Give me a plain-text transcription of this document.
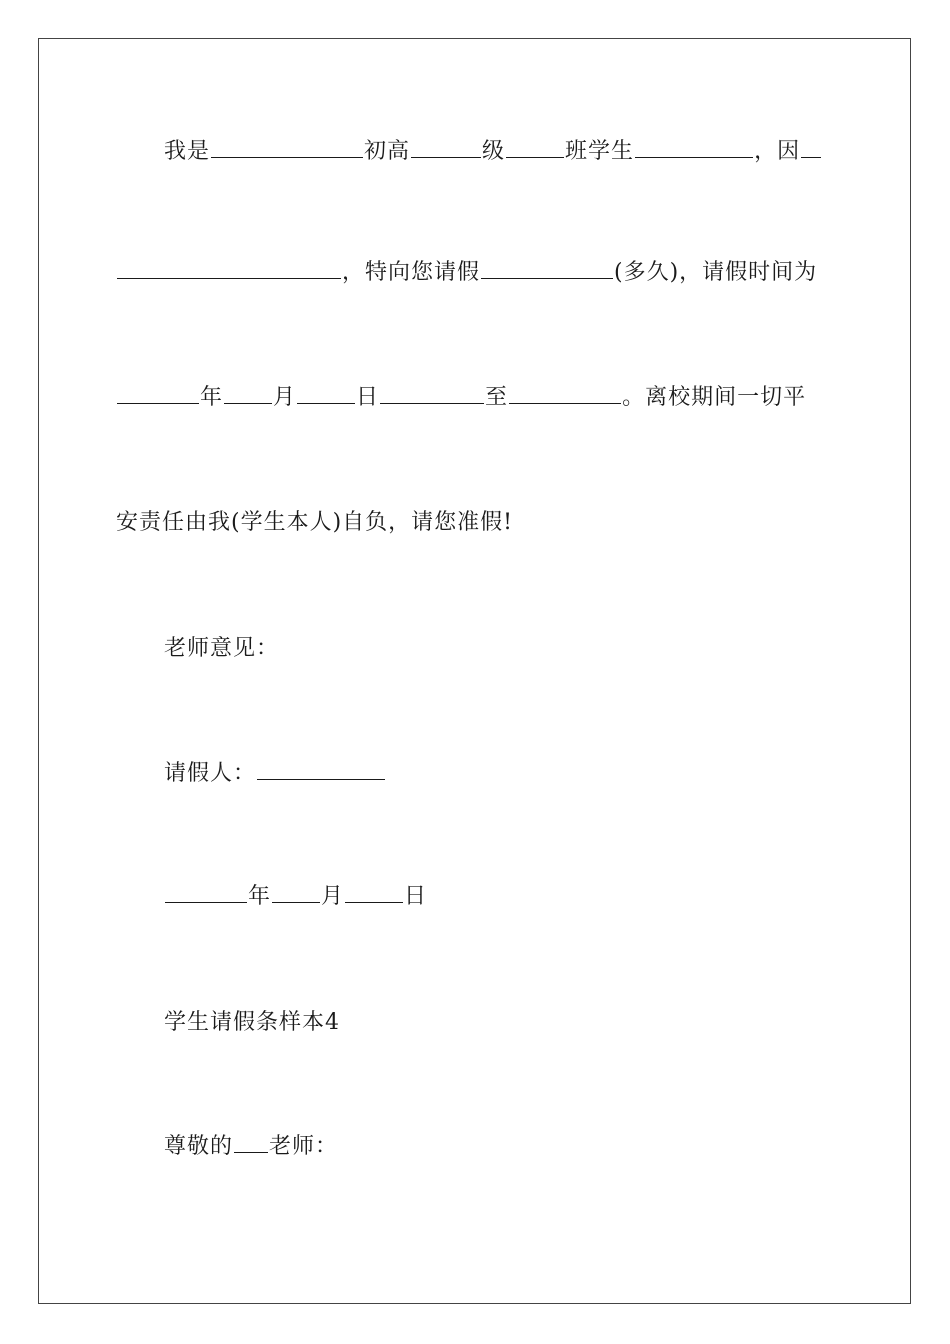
我是	初高	级	班学生	，因
，特向您请假	(多久)，请假时间为
年 月	日	至	。离校期间一切平
安责任由我(学生本人)自负，请您准假!
老师意见：
请假人：
年 月	日
学生请假条样本4
尊敬的 老师：
